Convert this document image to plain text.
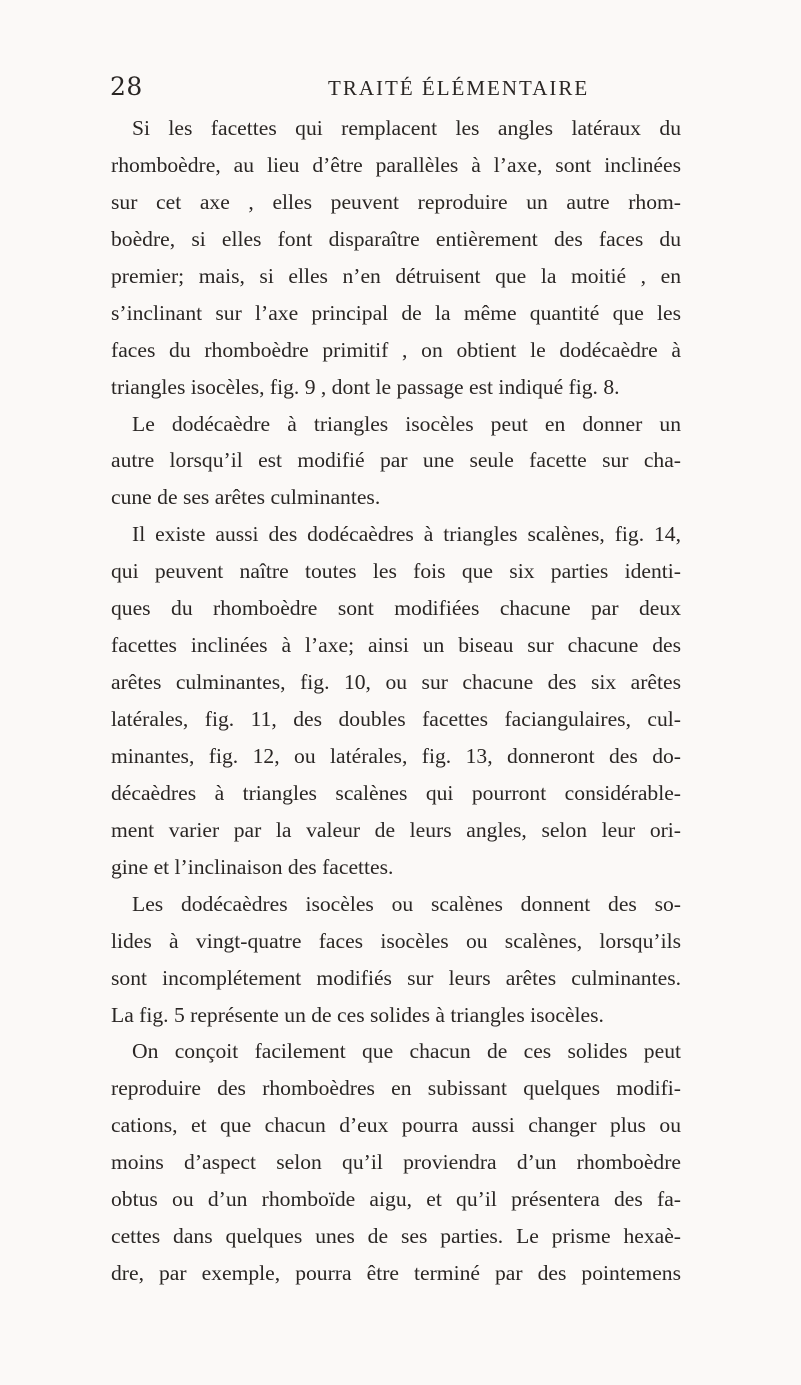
28	TRAITÉ ÉLÉMENTAIRE
Si les facettes qui remplacent les angles latéraux du
rhomboèdre, au lieu d’être parallèles à l’axe, sont inclinées
sur cet axe , elles peuvent reproduire un autre rhom-
boèdre, si elles font disparaître entièrement des faces du
premier; mais, si elles n’en détruisent que la moitié , en
s’inclinant sur l’axe principal de la même quantité que les
faces du rhomboèdre primitif , on obtient le dodécaèdre à
triangles isocèles, fig. 9 , dont le passage est indiqué fig. 8.
Le dodécaèdre à triangles isocèles peut en donner un
autre lorsqu’il est modifié par une seule facette sur cha-
cune de ses arêtes culminantes.
Il existe aussi des dodécaèdres à triangles scalènes, fig. 14,
qui peuvent naître toutes les fois que six parties identi-
ques du rhomboèdre sont modifiées chacune par deux
facettes inclinées à l’axe; ainsi un biseau sur chacune des
arêtes culminantes, fig. 10, ou sur chacune des six arêtes
latérales, fig. 11, des doubles facettes faciangulaires, cul-
minantes, fig. 12, ou latérales, fig. 13, donneront des do-
décaèdres à triangles scalènes qui pourront considérable-
ment varier par la valeur de leurs angles, selon leur ori-
gine et l’inclinaison des facettes.
Les dodécaèdres isocèles ou scalènes donnent des so-
lides à vingt-quatre faces isocèles ou scalènes, lorsqu’ils
sont incomplétement modifiés sur leurs arêtes culminantes.
La fig. 5 représente un de ces solides à triangles isocèles.
On conçoit facilement que chacun de ces solides peut
reproduire des rhomboèdres en subissant quelques modifi-
cations, et que chacun d’eux pourra aussi changer plus ou
moins d’aspect selon qu’il proviendra d’un rhomboèdre
obtus ou d’un rhomboïde aigu, et qu’il présentera des fa-
cettes dans quelques unes de ses parties. Le prisme hexaè-
dre, par exemple, pourra être terminé par des pointemens
